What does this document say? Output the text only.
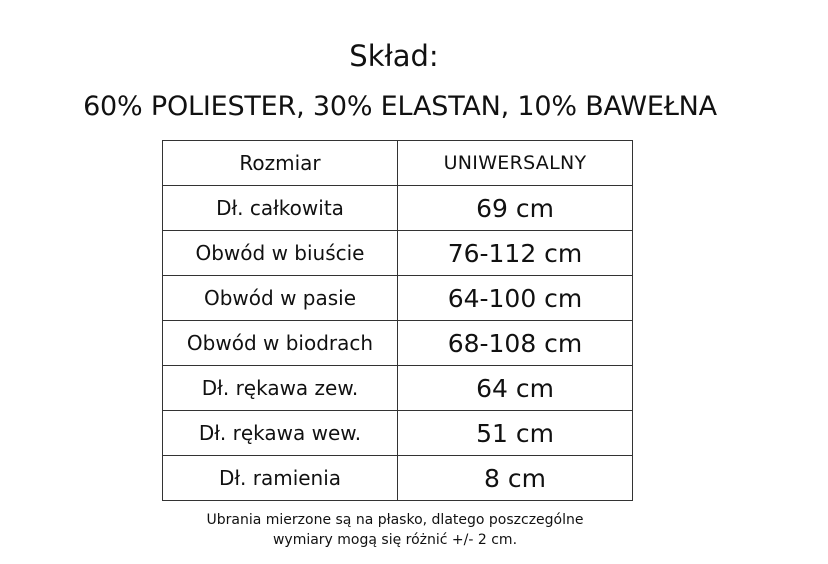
Skład:
60% POLIESTER, 30% ELASTAN, 10% BAWEŁNA
Rozmiar	UNIWERSALNY
Dł. całkowita	69 cm
Obwód w biuście	76-112 cm
Obwód w pasie	64-100 cm
Obwód w biodrach	68-108 cm
Dł. rękawa zew.	64 cm
Dł. rękawa wew.	51 cm
Dł. ramienia	8 cm
Ubrania mierzone są na płasko, dlatego poszczególne
wymiary mogą się różnić +/- 2 cm.
